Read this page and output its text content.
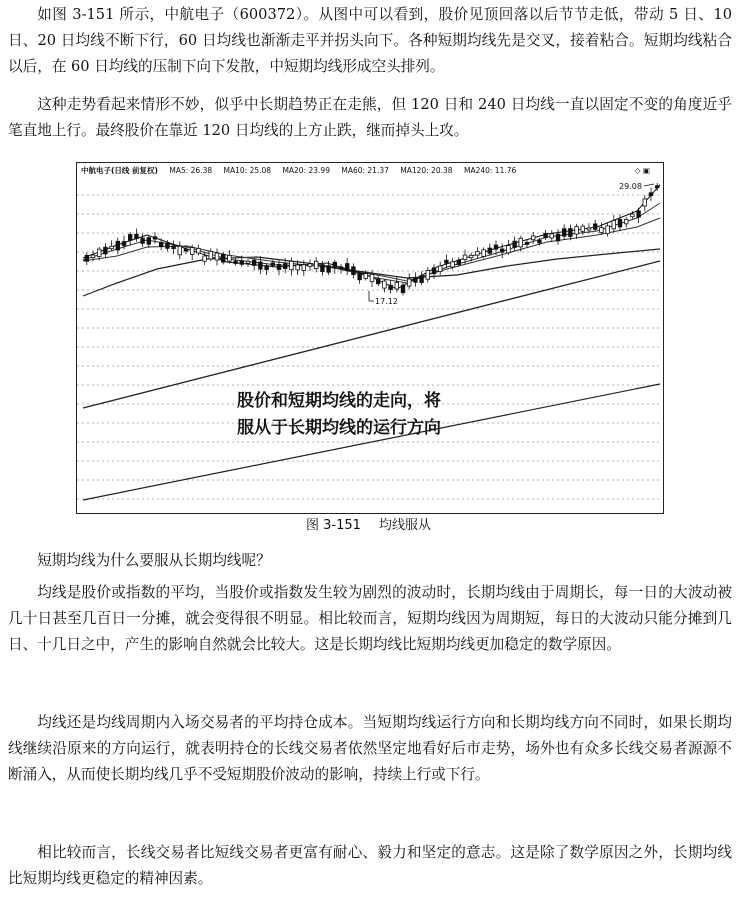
如图 3-151 所示，中航电子（600372）。从图中可以看到，股价见顶回落以后节节走低，带动 5 日、10 日、20 日均线不断下行，60 日均线也渐渐走平并拐头向下。各种短期均线先是交叉，接着粘合。短期均线粘合以后，在 60 日均线的压制下向下发散，中短期均线形成空头排列。

这种走势看起来情形不妙，似乎中长期趋势正在走熊，但 120 日和 240 日均线一直以固定不变的角度近乎笔直地上行。最终股价在靠近 120 日均线的上方止跌，继而掉头上攻。

股价和短期均线的走向，将
服从于长期均线的运行方向
29.08
17.12
中航电子(日线 前复权) MA5: 26.38 MA10: 25.08 MA20: 23.99 MA60: 21.37 MA120: 20.38 MA240: 11.76	◇ ▣
图 3-151 均线服从

短期均线为什么要服从长期均线呢？

均线是股价或指数的平均，当股价或指数发生较为剧烈的波动时，长期均线由于周期长，每一日的大波动被几十日甚至几百日一分摊，就会变得很不明显。相比较而言，短期均线因为周期短，每日的大波动只能分摊到几日、十几日之中，产生的影响自然就会比较大。这是长期均线比短期均线更加稳定的数学原因。

均线还是均线周期内入场交易者的平均持仓成本。当短期均线运行方向和长期均线方向不同时，如果长期均线继续沿原来的方向运行，就表明持仓的长线交易者依然坚定地看好后市走势，场外也有众多长线交易者源源不断涌入，从而使长期均线几乎不受短期股价波动的影响，持续上行或下行。

相比较而言，长线交易者比短线交易者更富有耐心、毅力和坚定的意志。这是除了数学原因之外，长期均线比短期均线更稳定的精神因素。
